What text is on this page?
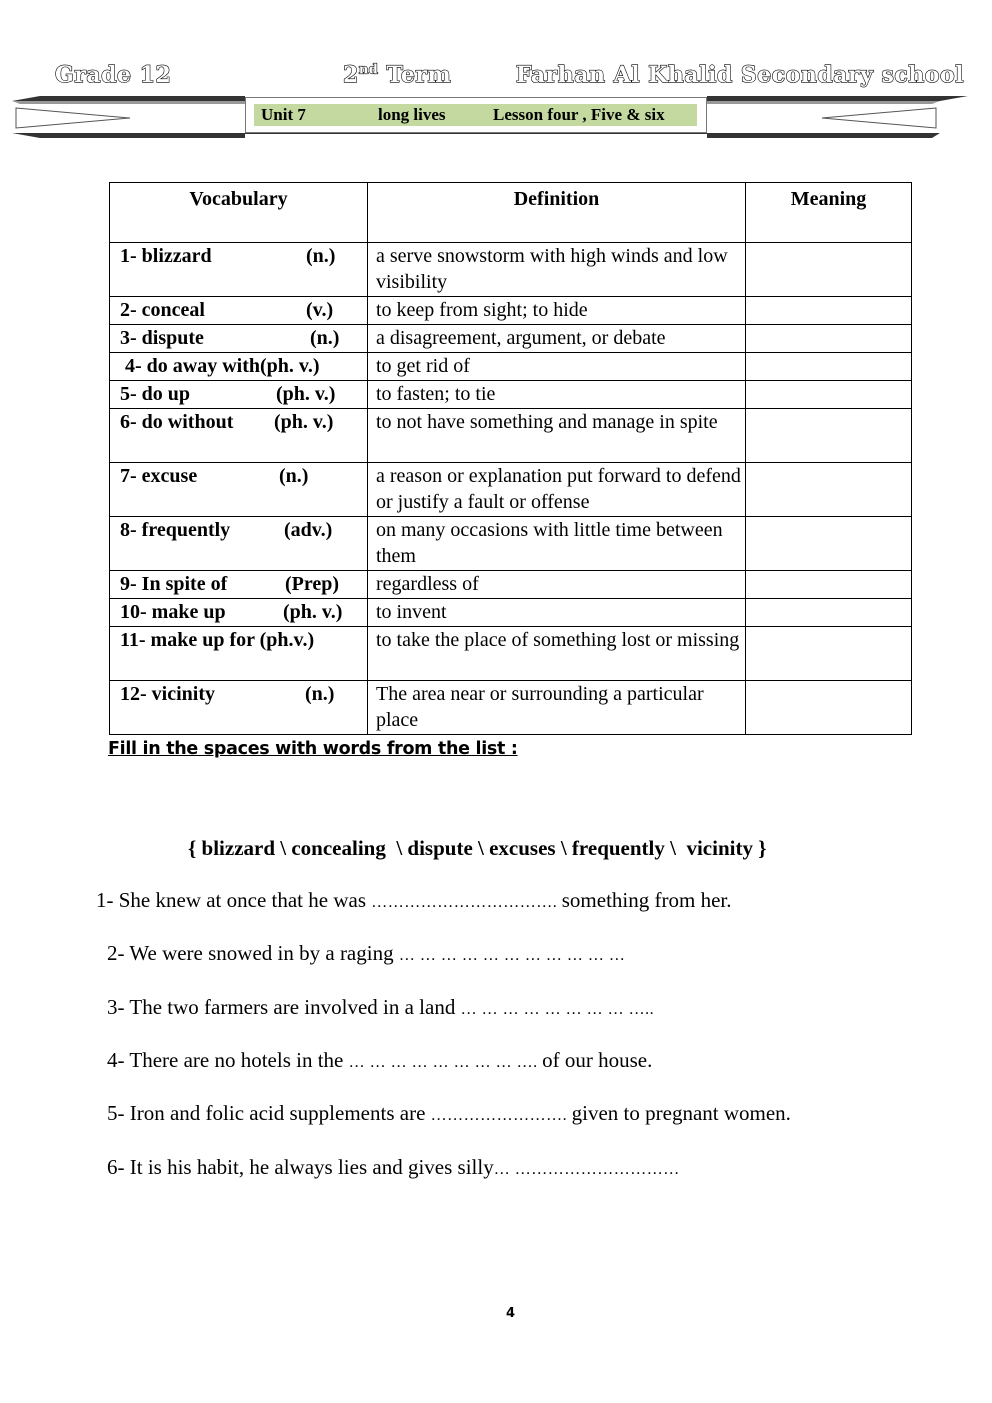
Grade 12	2nd Term	Farhan Al Khalid Secondary school
Unit 7	long lives	Lesson four , Five & six
Vocabulary	Definition	Meaning
1- blizzard (n.)	a serve snowstorm with high winds and low visibility	
2- conceal (v.)	to keep from sight; to hide	
3- dispute (n.)	a disagreement, argument, or debate	
4- do away with(ph. v.)	to get rid of	
5- do up (ph. v.)	to fasten; to tie	
6- do without (ph. v.)	to not have something and manage in spite	
7- excuse (n.)	a reason or explanation put forward to defend or justify a fault or offense	
8- frequently (adv.)	on many occasions with little time between them	
9- In spite of (Prep)	regardless of	
10- make up (ph. v.)	to invent	
11- make up for (ph.v.)	to take the place of something lost or missing	
12- vicinity (n.)	The area near or surrounding a particular place	
Fill in the spaces with words from the list :
{ blizzard \ concealing  \ dispute \ excuses \ frequently \  vicinity }
1- She knew at once that he was ……………………………. something from her.
2- We were snowed in by a raging … … … … … … … … … … …
3- The two farmers are involved in a land … … … … … … … … …..
4- There are no hotels in the … … … … … … … … …. of our house.
5- Iron and folic acid supplements are ……………………. given to pregnant women.
6- It is his habit, he always lies and gives silly… …………………………
4
